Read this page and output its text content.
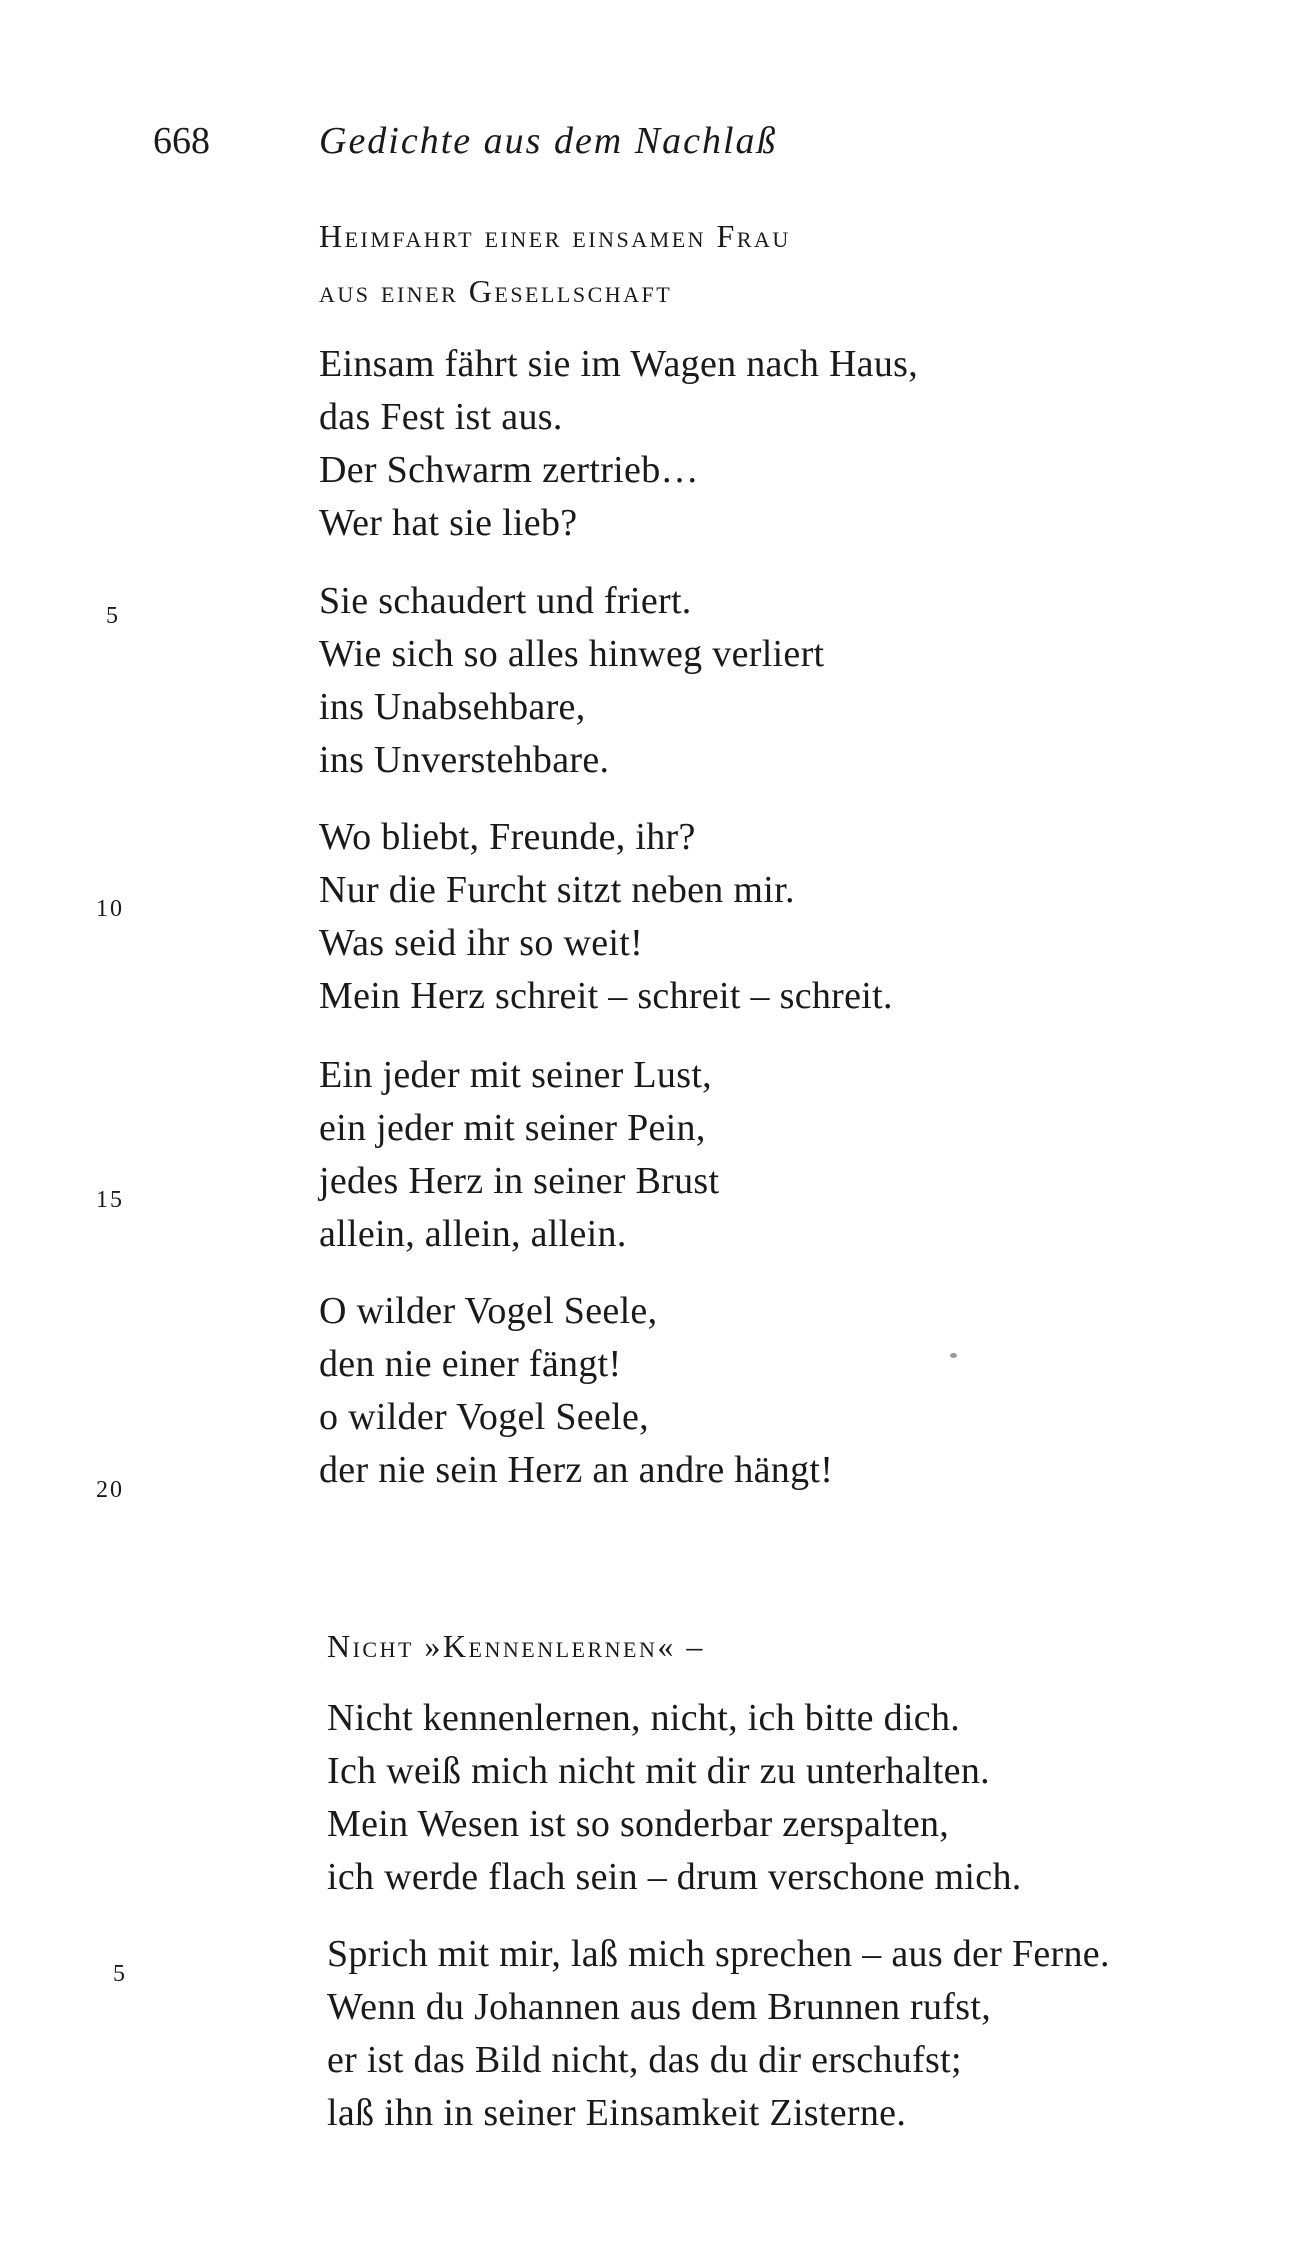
668	Gedichte aus dem Nachlaß
Heimfahrt einer einsamen Frau
aus einer Gesellschaft
Einsam fährt sie im Wagen nach Haus,
das Fest ist aus.
Der Schwarm zertrieb…
Wer hat sie lieb?
Sie schaudert und friert.
Wie sich so alles hinweg verliert
ins Unabsehbare,
ins Unverstehbare.
Wo bliebt, Freunde, ihr?
Nur die Furcht sitzt neben mir.
Was seid ihr so weit!
Mein Herz schreit – schreit – schreit.
Ein jeder mit seiner Lust,
ein jeder mit seiner Pein,
jedes Herz in seiner Brust
allein, allein, allein.
O wilder Vogel Seele,
den nie einer fängt!
o wilder Vogel Seele,
der nie sein Herz an andre hängt!
5
10
15
20
Nicht »Kennenlernen« –
Nicht kennenlernen, nicht, ich bitte dich.
Ich weiß mich nicht mit dir zu unterhalten.
Mein Wesen ist so sonderbar zerspalten,
ich werde flach sein – drum verschone mich.
Sprich mit mir, laß mich sprechen – aus der Ferne.
Wenn du Johannen aus dem Brunnen rufst,
er ist das Bild nicht, das du dir erschufst;
laß ihn in seiner Einsamkeit Zisterne.
5
